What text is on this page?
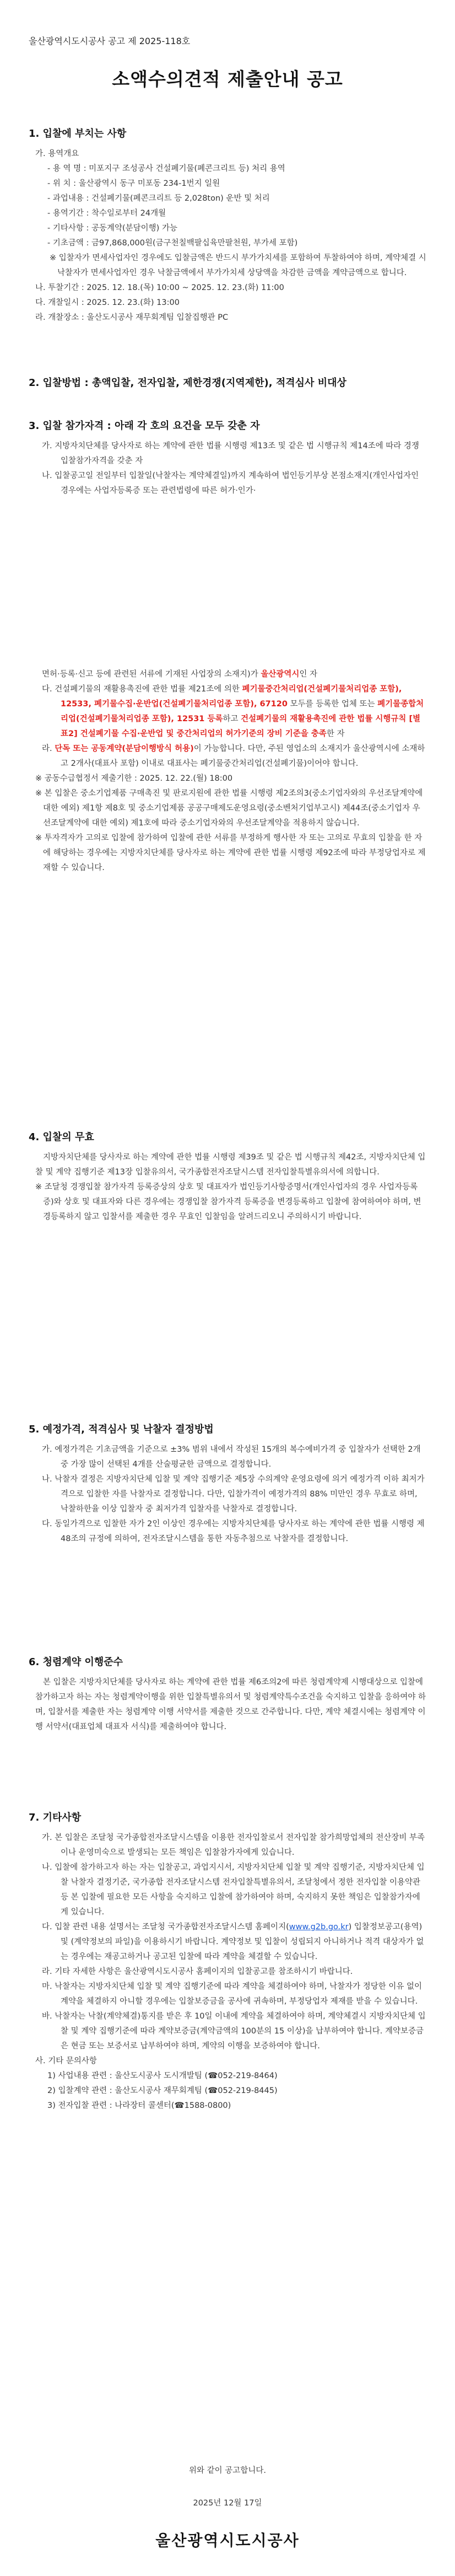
울산광역시도시공사 공고 제 2025-118호
소액수의견적 제출안내 공고
1. 입찰에 부치는 사항
가. 용역개요
- 용 역 명 : 미포지구 조성공사 건설폐기물(폐콘크리트 등) 처리 용역
- 위 치 : 울산광역시 동구 미포동 234-1번지 일원
- 과업내용 : 건설폐기물(폐콘크리트 등 2,028ton) 운반 및 처리
- 용역기간 : 착수일로부터 24개월
- 기타사항 : 공동계약(분담이행) 가능
- 기초금액 : 금97,868,000원(금구천칠백팔십육만팔천원, 부가세 포함)
※ 입찰자가 면세사업자인 경우에도 입찰금액은 반드시 부가가치세를 포함하여 투찰하여야 하며, 계약체결 시 낙찰자가 면세사업자인 경우 낙찰금액에서 부가가치세 상당액을 차감한 금액을 계약금액으로 합니다.
나. 투찰기간 : 2025. 12. 18.(목) 10:00 ~ 2025. 12. 23.(화) 11:00
다. 개찰일시 : 2025. 12. 23.(화) 13:00
라. 개찰장소 : 울산도시공사 재무회계팀 입찰집행관 PC
2. 입찰방법 : 총액입찰, 전자입찰, 제한경쟁(지역제한), 적격심사 비대상
3. 입찰 참가자격 : 아래 각 호의 요건을 모두 갖춘 자
가. 지방자치단체를 당사자로 하는 계약에 관한 법률 시행령 제13조 및 같은 법 시행규칙 제14조에 따라 경쟁입찰참가자격을 갖춘 자
나. 입찰공고일 전일부터 입찰일(낙찰자는 계약체결일)까지 계속하여 법인등기부상 본점소재지(개인사업자인 경우에는 사업자등록증 또는 관련법령에 따른 허가·인가·
면허·등록·신고 등에 관련된 서류에 기재된 사업장의 소재지)가 울산광역시인 자
다. 건설폐기물의 재활용촉진에 관한 법률 제21조에 의한 폐기물중간처리업(건설폐기물처리업종 포함), 12533, 폐기물수집·운반업(건설폐기물처리업종 포함), 67120 모두를 등록한 업체 또는 폐기물종합처리업(건설폐기물처리업종 포함), 12531 등록하고 건설폐기물의 재활용촉진에 관한 법률 시행규칙 [별표2] 건설폐기물 수집·운반업 및 중간처리업의 허가기준의 장비 기준을 충족한 자
라. 단독 또는 공동계약(분담이행방식 허용)이 가능합니다. 다만, 주된 영업소의 소재지가 울산광역시에 소재하고 2개사(대표사 포함) 이내로 대표사는 폐기물중간처리업(건설폐기물)이어야 합니다.
※ 공동수급협정서 제출기한 : 2025. 12. 22.(월) 18:00
※ 본 입찰은 중소기업제품 구매촉진 및 판로지원에 관한 법률 시행령 제2조의3(중소기업자와의 우선조달계약에 대한 예외) 제1항 제8호 및 중소기업제품 공공구매제도운영요령(중소벤처기업부고시) 제44조(중소기업자 우선조달계약에 대한 예외) 제1호에 따라 중소기업자와의 우선조달계약을 적용하지 않습니다.
※ 투자격자가 고의로 입찰에 참가하여 입찰에 관한 서류를 부정하게 행사한 자 또는 고의로 무효의 입찰을 한 자에 해당하는 경우에는 지방자치단체를 당사자로 하는 계약에 관한 법률 시행령 제92조에 따라 부정당업자로 제재할 수 있습니다.
4. 입찰의 무효
지방자치단체를 당사자로 하는 계약에 관한 법률 시행령 제39조 및 같은 법 시행규칙 제42조, 지방자치단체 입찰 및 계약 집행기준 제13장 입찰유의서, 국가종합전자조달시스템 전자입찰특별유의서에 의합니다.
※ 조달청 경쟁입찰 참가자격 등록증상의 상호 및 대표자가 법인등기사항증명서(개인사업자의 경우 사업자등록증)와 상호 및 대표자와 다른 경우에는 경쟁입찰 참가자격 등록증을 변경등록하고 입찰에 참여하여야 하며, 변경등록하지 않고 입찰서를 제출한 경우 무효인 입찰임을 알려드리오니 주의하시기 바랍니다.
5. 예정가격, 적격심사 및 낙찰자 결정방법
가. 예정가격은 기초금액을 기준으로 ±3% 범위 내에서 작성된 15개의 복수예비가격 중 입찰자가 선택한 2개 중 가장 많이 선택된 4개를 산술평균한 금액으로 결정합니다.
나. 낙찰자 결정은 지방자치단체 입찰 및 계약 집행기준 제5장 수의계약 운영요령에 의거 예정가격 이하 최저가격으로 입찰한 자를 낙찰자로 결정합니다. 다만, 입찰가격이 예정가격의 88% 미만인 경우 무효로 하며, 낙찰하한율 이상 입찰자 중 최저가격 입찰자를 낙찰자로 결정합니다.
다. 동일가격으로 입찰한 자가 2인 이상인 경우에는 지방자치단체를 당사자로 하는 계약에 관한 법률 시행령 제48조의 규정에 의하여, 전자조달시스템을 통한 자동추첨으로 낙찰자를 결정합니다.
6. 청렴계약 이행준수
본 입찰은 지방자치단체를 당사자로 하는 계약에 관한 법률 제6조의2에 따른 청렴계약제 시행대상으로 입찰에 참가하고자 하는 자는 청렴계약이행을 위한 입찰특별유의서 및 청렴계약특수조건을 숙지하고 입찰을 응하여야 하며, 입찰서를 제출한 자는 청렴계약 이행 서약서를 제출한 것으로 간주합니다. 다만, 계약 체결시에는 청렴계약 이행 서약서(대표업체 대표자 서식)를 제출하여야 합니다.
7. 기타사항
가. 본 입찰은 조달청 국가종합전자조달시스템을 이용한 전자입찰로서 전자입찰 참가희망업체의 전산장비 부족이나 운영미숙으로 발생되는 모든 책임은 입찰참가자에게 있습니다.
나. 입찰에 참가하고자 하는 자는 입찰공고, 과업지시서, 지방자치단체 입찰 및 계약 집행기준, 지방자치단체 입찰 낙찰자 결정기준, 국가종합 전자조달시스템 전자입찰특별유의서, 조달청에서 정한 전자입찰 이용약관 등 본 입찰에 필요한 모든 사항을 숙지하고 입찰에 참가하여야 하며, 숙지하지 못한 책임은 입찰참가자에게 있습니다.
다. 입찰 관련 내용 설명서는 조달청 국가종합전자조달시스템 홈페이지(www.g2b.go.kr) 입찰정보공고(용역) 및 (계약정보의 파일)을 이용하시기 바랍니다. 계약정보 및 입찰이 성립되지 아니하거나 적격 대상자가 없는 경우에는 재공고하거나 공고된 입찰에 따라 계약을 체결할 수 있습니다.
라. 기타 자세한 사항은 울산광역시도시공사 홈페이지의 입찰공고를 참조하시기 바랍니다.
마. 낙찰자는 지방자치단체 입찰 및 계약 집행기준에 따라 계약을 체결하여야 하며, 낙찰자가 정당한 이유 없이 계약을 체결하지 아니할 경우에는 입찰보증금을 공사에 귀속하며, 부정당업자 제재를 받을 수 있습니다.
바. 낙찰자는 낙찰(계약체결)통지를 받은 후 10일 이내에 계약을 체결하여야 하며, 계약체결시 지방자치단체 입찰 및 계약 집행기준에 따라 계약보증금(계약금액의 100분의 15 이상)을 납부하여야 합니다. 계약보증금은 현금 또는 보증서로 납부하여야 하며, 계약의 이행을 보증하여야 합니다.
사. 기타 문의사항
1) 사업내용 관련 : 울산도시공사 도시개발팀 (☎052-219-8464)
2) 입찰계약 관련 : 울산도시공사 재무회계팀 (☎052-219-8445)
3) 전자입찰 관련 : 나라장터 콜센터(☎1588-0800)
위와 같이 공고합니다.
2025년 12월 17일
울산광역시도시공사
